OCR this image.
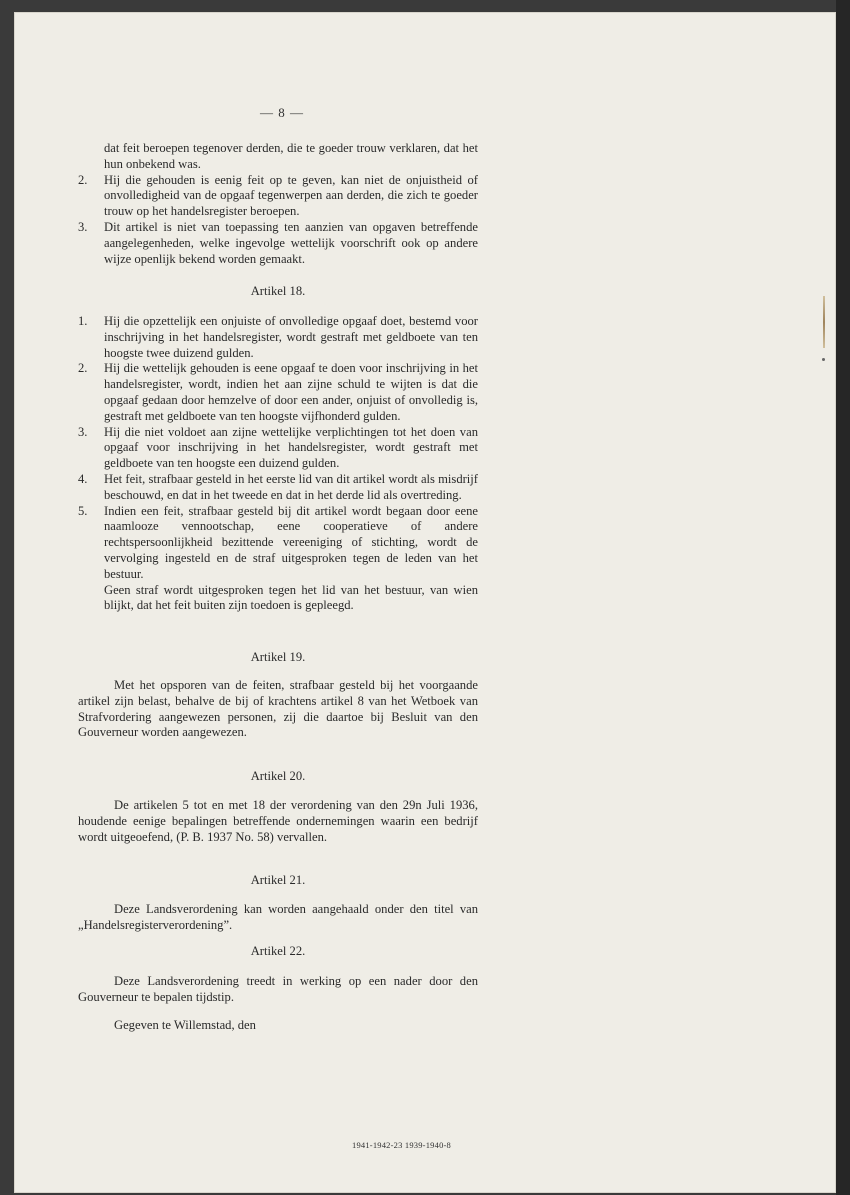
— 8 —
dat feit beroepen tegenover derden, die te goeder trouw verklaren, dat het hun onbekend was.
2. Hij die gehouden is eenig feit op te geven, kan niet de onjuistheid of onvolledigheid van de opgaaf tegenwerpen aan derden, die zich te goeder trouw op het handelsregister beroepen.
3. Dit artikel is niet van toepassing ten aanzien van opgaven betreffende aangelegenheden, welke ingevolge wettelijk voorschrift ook op andere wijze openlijk bekend worden gemaakt.
Artikel 18.
1. Hij die opzettelijk een onjuiste of onvolledige opgaaf doet, bestemd voor inschrijving in het handelsregister, wordt gestraft met geldboete van ten hoogste twee duizend gulden.
2. Hij die wettelijk gehouden is eene opgaaf te doen voor inschrijving in het handelsregister, wordt, indien het aan zijne schuld te wijten is dat die opgaaf gedaan door hemzelve of door een ander, onjuist of onvolledig is, gestraft met geldboete van ten hoogste vijfhonderd gulden.
3. Hij die niet voldoet aan zijne wettelijke verplichtingen tot het doen van opgaaf voor inschrijving in het handelsregister, wordt gestraft met geldboete van ten hoogste een duizend gulden.
4. Het feit, strafbaar gesteld in het eerste lid van dit artikel wordt als misdrijf beschouwd, en dat in het tweede en dat in het derde lid als overtreding.
5. Indien een feit, strafbaar gesteld bij dit artikel wordt begaan door eene naamlooze vennootschap, eene cooperatieve of andere rechtspersoonlijkheid bezittende vereeniging of stichting, wordt de vervolging ingesteld en de straf uitgesproken tegen de leden van het bestuur.
Geen straf wordt uitgesproken tegen het lid van het bestuur, van wien blijkt, dat het feit buiten zijn toedoen is gepleegd.
Artikel 19.
Met het opsporen van de feiten, strafbaar gesteld bij het voorgaande artikel zijn belast, behalve de bij of krachtens artikel 8 van het Wetboek van Strafvordering aangewezen personen, zij die daartoe bij Besluit van den Gouverneur worden aangewezen.
Artikel 20.
De artikelen 5 tot en met 18 der verordening van den 29n Juli 1936, houdende eenige bepalingen betreffende ondernemingen waarin een bedrijf wordt uitgeoefend, (P. B. 1937 No. 58) vervallen.
Artikel 21.
Deze Landsverordening kan worden aangehaald onder den titel van „Handelsregisterverordening”.
Artikel 22.
Deze Landsverordening treedt in werking op een nader door den Gouverneur te bepalen tijdstip.
Gegeven te Willemstad, den
1941-1942-23 1939-1940-8
